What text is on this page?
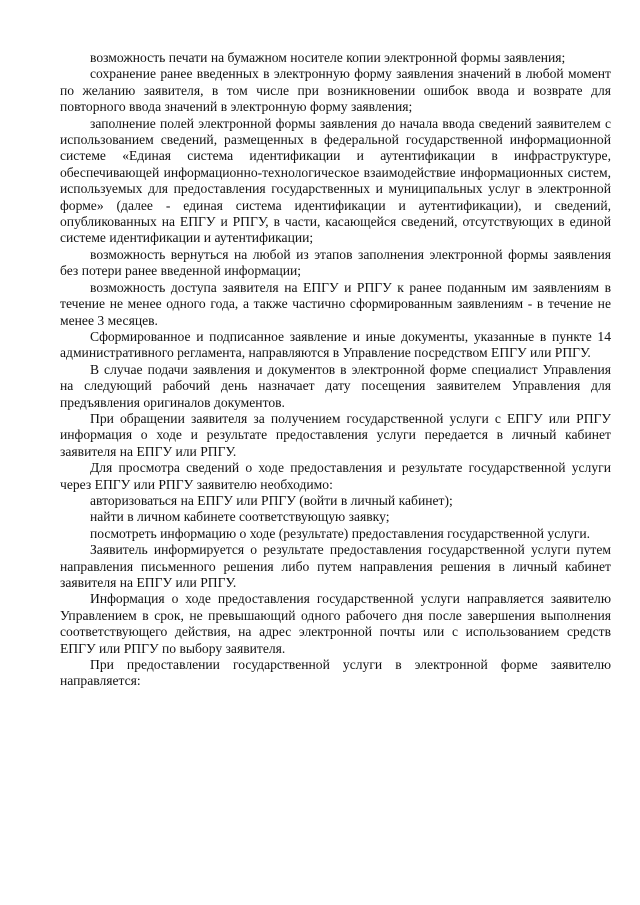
возможность печати на бумажном носителе копии электронной формы заявления;

сохранение ранее введенных в электронную форму заявления значений в любой момент по желанию заявителя, в том числе при возникновении ошибок ввода и возврате для повторного ввода значений в электронную форму заявления;

заполнение полей электронной формы заявления до начала ввода сведений заявителем с использованием сведений, размещенных в федеральной государственной информационной системе «Единая система идентификации и аутентификации в инфраструктуре, обеспечивающей информационно-технологическое взаимодействие информационных систем, используемых для предоставления государственных и муниципальных услуг в электронной форме» (далее - единая система идентификации и аутентификации), и сведений, опубликованных на ЕПГУ и РПГУ, в части, касающейся сведений, отсутствующих в единой системе идентификации и аутентификации;

возможность вернуться на любой из этапов заполнения электронной формы заявления без потери ранее введенной информации;

возможность доступа заявителя на ЕПГУ и РПГУ к ранее поданным им заявлениям в течение не менее одного года, а также частично сформированным заявлениям - в течение не менее 3 месяцев.

Сформированное и подписанное заявление и иные документы, указанные в пункте 14 административного регламента, направляются в Управление посредством ЕПГУ или РПГУ.

В случае подачи заявления и документов в электронной форме специалист Управления на следующий рабочий день назначает дату посещения заявителем Управления для предъявления оригиналов документов.

При обращении заявителя за получением государственной услуги с ЕПГУ или РПГУ информация о ходе и результате предоставления услуги передается в личный кабинет заявителя на ЕПГУ или РПГУ.

Для просмотра сведений о ходе предоставления и результате государственной услуги через ЕПГУ или РПГУ заявителю необходимо:

авторизоваться на ЕПГУ или РПГУ (войти в личный кабинет);

найти в личном кабинете соответствующую заявку;

посмотреть информацию о ходе (результате) предоставления государственной услуги.

Заявитель информируется о результате предоставления государственной услуги путем направления письменного решения либо путем направления решения в личный кабинет заявителя на ЕПГУ или РПГУ.

Информация о ходе предоставления государственной услуги направляется заявителю Управлением в срок, не превышающий одного рабочего дня после завершения выполнения соответствующего действия, на адрес электронной почты или с использованием средств ЕПГУ или РПГУ по выбору заявителя.

При предоставлении государственной услуги в электронной форме заявителю направляется:
